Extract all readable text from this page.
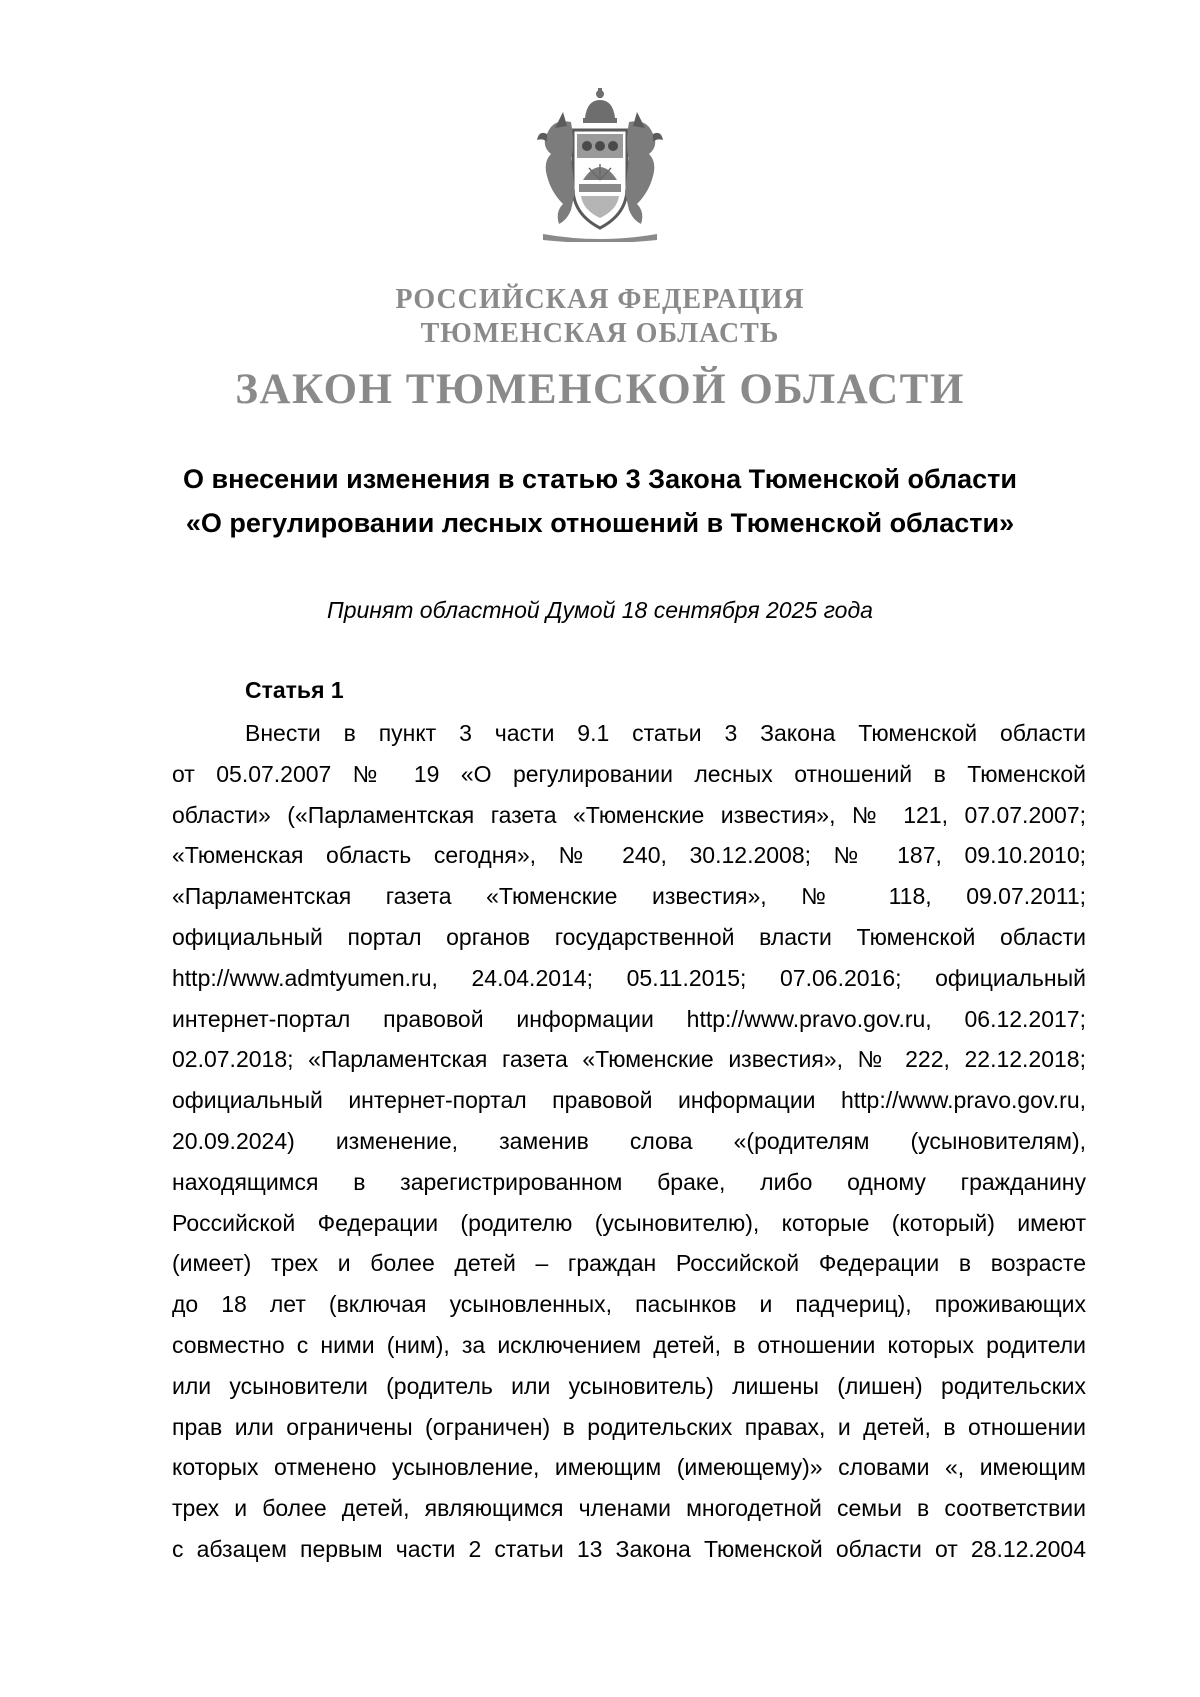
РОССИЙСКАЯ ФЕДЕРАЦИЯ
ТЮМЕНСКАЯ ОБЛАСТЬ
ЗАКОН ТЮМЕНСКОЙ ОБЛАСТИ
О внесении изменения в статью 3 Закона Тюменской области
«О регулировании лесных отношений в Тюменской области»
Принят областной Думой 18 сентября 2025 года
Статья 1
Внести в пункт 3 части 9.1 статьи 3 Закона Тюменской области
от 05.07.2007 № 19 «О регулировании лесных отношений в Тюменской
области» («Парламентская газета «Тюменские известия», № 121, 07.07.2007;
«Тюменская область сегодня», № 240, 30.12.2008; № 187, 09.10.2010;
«Парламентская газета «Тюменские известия», № 118, 09.07.2011;
официальный портал органов государственной власти Тюменской области
http://www.admtyumen.ru, 24.04.2014; 05.11.2015; 07.06.2016; официальный
интернет-портал правовой информации http://www.pravo.gov.ru, 06.12.2017;
02.07.2018; «Парламентская газета «Тюменские известия», № 222, 22.12.2018;
официальный интернет-портал правовой информации http://www.pravo.gov.ru,
20.09.2024) изменение, заменив слова «(родителям (усыновителям),
находящимся в зарегистрированном браке, либо одному гражданину
Российской Федерации (родителю (усыновителю), которые (который) имеют
(имеет) трех и более детей – граждан Российской Федерации в возрасте
до 18 лет (включая усыновленных, пасынков и падчериц), проживающих
совместно с ними (ним), за исключением детей, в отношении которых родители
или усыновители (родитель или усыновитель) лишены (лишен) родительских
прав или ограничены (ограничен) в родительских правах, и детей, в отношении
которых отменено усыновление, имеющим (имеющему)» словами «, имеющим
трех и более детей, являющимся членами многодетной семьи в соответствии
с абзацем первым части 2 статьи 13 Закона Тюменской области от 28.12.2004
